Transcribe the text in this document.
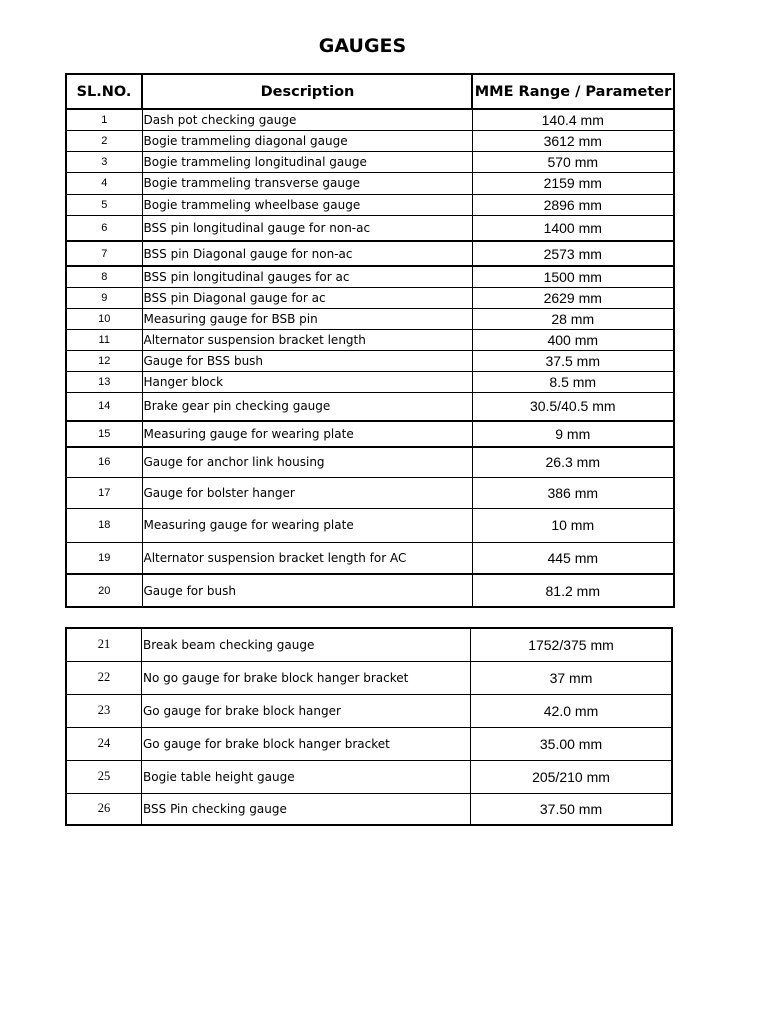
GAUGES
SL.NO.	Description	MME Range / Parameter
1	Dash pot checking gauge	140.4 mm
2	Bogie trammeling diagonal gauge	3612 mm
3	Bogie trammeling longitudinal gauge	570 mm
4	Bogie trammeling transverse gauge	2159 mm
5	Bogie trammeling wheelbase gauge	2896 mm
6	BSS pin longitudinal gauge for non-ac	1400 mm
7	BSS pin Diagonal gauge for non-ac	2573 mm
8	BSS pin longitudinal gauges for ac	1500 mm
9	BSS pin Diagonal gauge for ac	2629 mm
10	Measuring gauge for BSB pin	28 mm
11	Alternator suspension bracket length	400 mm
12	Gauge for BSS bush	37.5 mm
13	Hanger block	8.5 mm
14	Brake gear pin checking gauge	30.5/40.5 mm
15	Measuring gauge for wearing plate	9 mm
16	Gauge for anchor link housing	26.3 mm
17	Gauge for bolster hanger	386 mm
18	Measuring gauge for wearing plate	10 mm
19	Alternator suspension bracket length for AC	445 mm
20	Gauge for bush	81.2 mm
21	Break beam checking gauge	1752/375 mm
22	No go gauge for brake block hanger bracket	37 mm
23	Go gauge for brake block hanger	42.0 mm
24	Go gauge for brake block hanger bracket	35.00 mm
25	Bogie table height gauge	205/210 mm
26	BSS Pin checking gauge	37.50 mm
